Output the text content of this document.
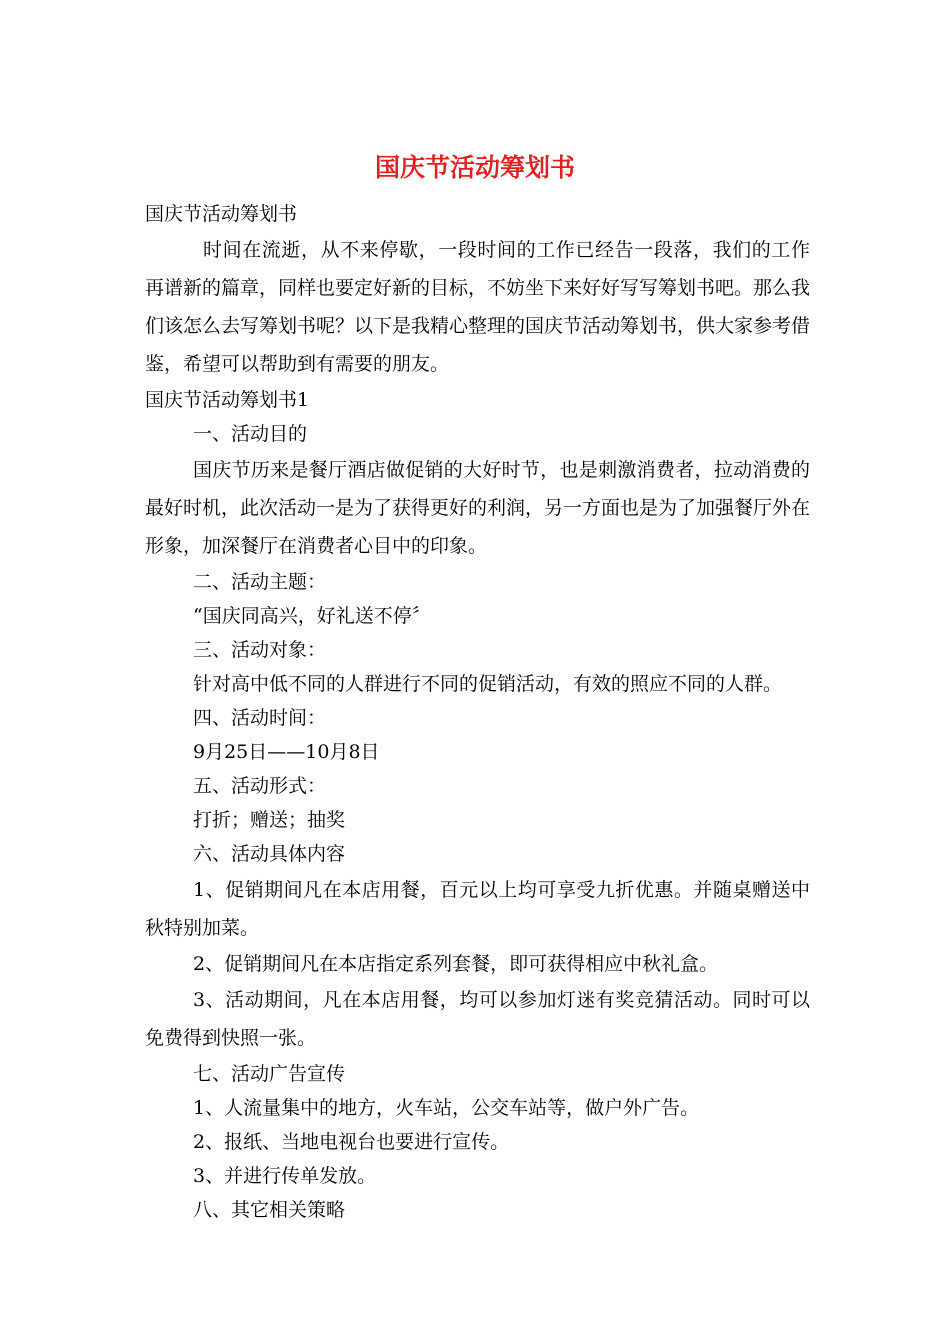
国庆节活动筹划书

国庆节活动筹划书

时间在流逝，从不来停歇，一段时间的工作已经告一段落，我们的工作再谱新的篇章，同样也要定好新的目标，不妨坐下来好好写写筹划书吧。那么我们该怎么去写筹划书呢？以下是我精心整理的国庆节活动筹划书，供大家参考借鉴，希望可以帮助到有需要的朋友。

国庆节活动筹划书1

一、活动目的

国庆节历来是餐厅酒店做促销的大好时节，也是刺激消费者，拉动消费的最好时机，此次活动一是为了获得更好的利润，另一方面也是为了加强餐厅外在形象，加深餐厅在消费者心目中的印象。

二、活动主题：

“国庆同高兴，好礼送不停〞

三、活动对象：

针对高中低不同的人群进行不同的促销活动，有效的照应不同的人群。

四、活动时间：

9月25日——10月8日

五、活动形式：

打折；赠送；抽奖

六、活动具体内容

1、促销期间凡在本店用餐，百元以上均可享受九折优惠。并随桌赠送中秋特别加菜。

2、促销期间凡在本店指定系列套餐，即可获得相应中秋礼盒。

3、活动期间，凡在本店用餐，均可以参加灯迷有奖竞猜活动。同时可以免费得到快照一张。

七、活动广告宣传

1、人流量集中的地方，火车站，公交车站等，做户外广告。

2、报纸、当地电视台也要进行宣传。

3、并进行传单发放。

八、其它相关策略
